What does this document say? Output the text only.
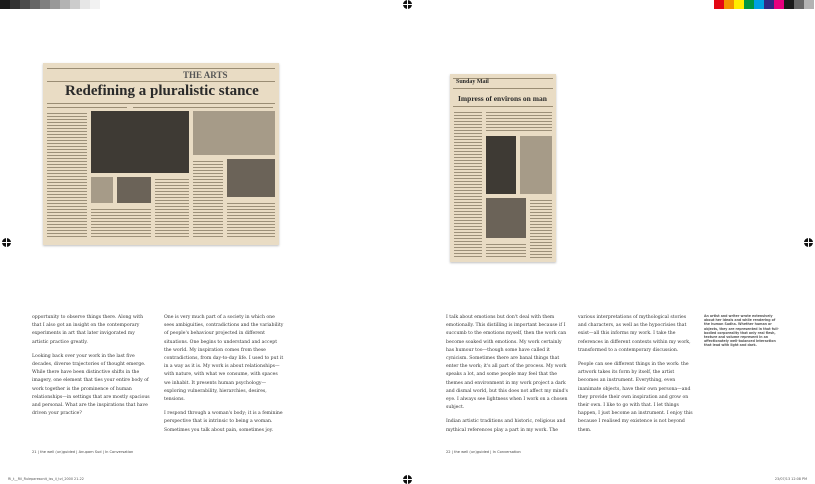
THE ARTS
Redefining a pluralistic stance
Sunday Mail
Impress of environs on man

opportunity to observe things there. Along with that I also got an insight on the contemporary experiments in art that later invigorated my artistic practice greatly.

Looking back over your work in the last five decades, diverse trajectories of thought emerge. While there have been distinctive shifts in the imagery, one element that ties your entire body of work together is the prominence of human relationships—in settings that are mostly spacious and personal. What are the inspirations that have driven your practice?

One is very much part of a society in which one sees ambiguities, contradictions and the variability of people's behaviour projected in different situations. One begins to understand and accept the world. My inspiration comes from these contradictions, from day-to-day life. I used to put it in a way as it is. My work is about relationships—with nature, with what we consume, with spaces we inhabit. It presents human psychology—exploring vulnerability, hierarchies, desires, tensions.

I respond through a woman's body; it is a feminine perspective that is intrinsic to being a woman. Sometimes you talk about pain, sometimes joy.

21 | the well (un)guided | Anupam Sud | In Conversation

I talk about emotions but don't deal with them emotionally. This distilling is important because if I succumb to the emotions myself, then the work can become soaked with emotions. My work certainly has humour too—though some have called it cynicism. Sometimes there are banal things that enter the work; it's all part of the process. My work speaks a lot, and some people may feel that the themes and environment in my work project a dark and dismal world, but this does not affect my mind's eye. I always see lightness when I work on a chosen subject.

Indian artistic traditions and historic, religious and mythical references play a part in my work. The

various interpretations of mythological stories and characters, as well as the hypocrisies that exist—all this informs my work. I take the references in different contexts within my work, transformed to a contemporary discussion.

People can see different things in the work: the artwork takes its form by itself, the artist becomes an instrument. Everything, even inanimate objects, have their own persona—and they provide their own inspiration and grow on their own. I like to go with that. I let things happen, I just become an instrument. I enjoy this because I realised my existence is not beyond them.

An artist and writer wrote extensively about her ideals and while rendering of the human Sudha. Whether human or objects, they are represented in that full-bodied corporeality that only real flesh, texture and volume represent in an affectionately well-balanced interaction that lead with light and dark.
22 | the well (un)guided | In Conversation
Ri_t__Ril_Ruleparesonit_iss_ii_tvl_2000 21-22	23/07/13 12:08 PM
